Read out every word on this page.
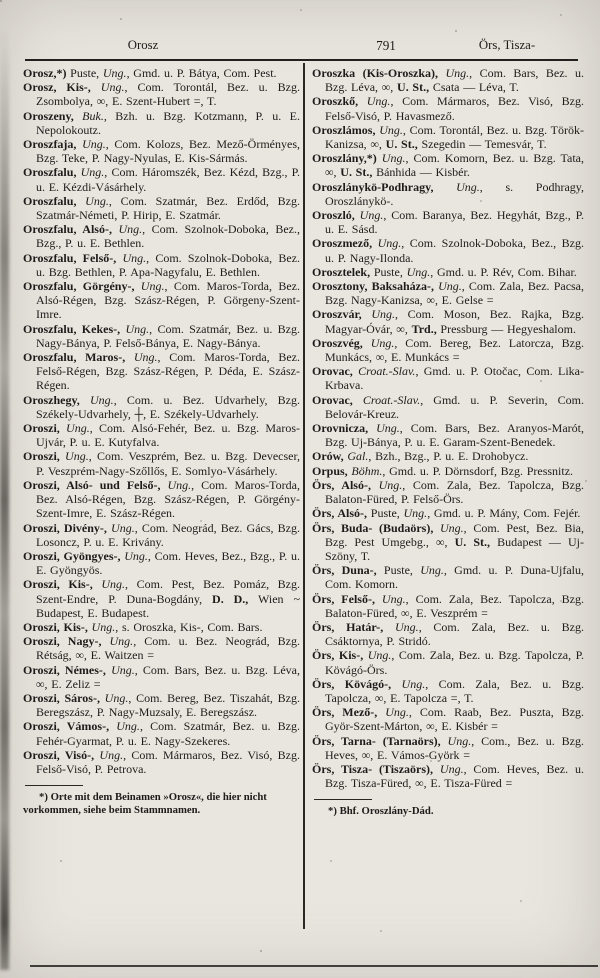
Orosz	791	Örs, Tisza-

Orosz,*) Puste, Ung., Gmd. u. P. Bátya, Com. Pest.

Orosz, Kis-, Ung., Com. Torontál, Bez. u. Bzg. Zsombolya, ∞, E. Szent-Hubert =, T.

Oroszeny, Buk., Bzh. u. Bzg. Kotzmann, P. u. E. Nepolokoutz.

Oroszfaja, Ung., Com. Kolozs, Bez. Mező-Örményes, Bzg. Teke, P. Nagy-Nyulas, E. Kis-Sármás.

Oroszfalu, Ung., Com. Háromszék, Bez. Kézd, Bzg., P. u. E. Kézdi-Vásárhely.

Oroszfalu, Ung., Com. Szatmár, Bez. Erdőd, Bzg. Szatmár-Németi, P. Hirip, E. Szatmár.

Oroszfalu, Alsó-, Ung., Com. Szolnok-Doboka, Bez., Bzg., P. u. E. Bethlen.

Oroszfalu, Felső-, Ung., Com. Szolnok-Doboka, Bez. u. Bzg. Bethlen, P. Apa-Nagyfalu, E. Bethlen.

Oroszfalu, Görgény-, Ung., Com. Maros-Torda, Bez. Alsó-Régen, Bzg. Szász-Régen, P. Görgeny-Szent-Imre.

Oroszfalu, Kekes-, Ung., Com. Szatmár, Bez. u. Bzg. Nagy-Bánya, P. Felső-Bánya, E. Nagy-Bánya.

Oroszfalu, Maros-, Ung., Com. Maros-Torda, Bez. Felső-Régen, Bzg. Szász-Régen, P. Déda, E. Szász-Régen.

Oroszhegy, Ung., Com. u. Bez. Udvarhely, Bzg. Székely-Udvarhely, ┼, E. Székely-Udvarhely.

Oroszi, Ung., Com. Alsó-Fehér, Bez. u. Bzg. Maros-Ujvár, P. u. E. Kutyfalva.

Oroszi, Ung., Com. Veszprém, Bez. u. Bzg. Devecser, P. Veszprém-Nagy-Szőllős, E. Somlyo-Vásárhely.

Oroszi, Alsó- und Felső-, Ung., Com. Maros-Torda, Bez. Alsó-Régen, Bzg. Szász-Régen, P. Görgény-Szent-Imre, E. Szász-Régen.

Oroszi, Divény-, Ung., Com. Neográd, Bez. Gács, Bzg. Losoncz, P. u. E. Krivány.

Oroszi, Gyöngyes-, Ung., Com. Heves, Bez., Bzg., P. u. E. Gyöngyös.

Oroszi, Kis-, Ung., Com. Pest, Bez. Pomáz, Bzg. Szent-Endre, P. Duna-Bogdány, D. D., Wien ~ Budapest, E. Budapest.

Oroszi, Kis-, Ung., s. Oroszka, Kis-, Com. Bars.

Oroszi, Nagy-, Ung., Com. u. Bez. Neográd, Bzg. Rétság, ∞, E. Waitzen =

Oroszi, Némes-, Ung., Com. Bars, Bez. u. Bzg. Léva, ∞, E. Zeliz =

Oroszi, Sáros-, Ung., Com. Bereg, Bez. Tiszahát, Bzg. Beregszász, P. Nagy-Muzsaly, E. Beregszász.

Oroszi, Vámos-, Ung., Com. Szatmár, Bez. u. Bzg. Fehér-Gyarmat, P. u. E. Nagy-Szekeres.

Oroszi, Visó-, Ung., Com. Mármaros, Bez. Visó, Bzg. Felső-Visó, P. Petrova.

*) Orte mit dem Beinamen »Orosz«, die hier nicht vorkommen, siehe beim Stammnamen.

Oroszka (Kis-Oroszka), Ung., Com. Bars, Bez. u. Bzg. Léva, ∞, U. St., Csata — Léva, T.

Oroszkő, Ung., Com. Mármaros, Bez. Visó, Bzg. Felső-Visó, P. Havasmező.

Oroszlámos, Ung., Com. Torontál, Bez. u. Bzg. Török-Kanizsa, ∞, U. St., Szegedin — Temesvár, T.

Oroszlány,*) Ung., Com. Komorn, Bez. u. Bzg. Tata, ∞, U. St., Bánhida — Kisbér.

Oroszlánykö-Podhragy, Ung., s. Podhragy, Oroszlánykö-.

Oroszló, Ung., Com. Baranya, Bez. Hegyhát, Bzg., P. u. E. Sásd.

Oroszmező, Ung., Com. Szolnok-Doboka, Bez., Bzg. u. P. Nagy-Ilonda.

Orosztelek, Puste, Ung., Gmd. u. P. Rév, Com. Bihar.

Orosztony, Baksaháza-, Ung., Com. Zala, Bez. Pacsa, Bzg. Nagy-Kanizsa, ∞, E. Gelse =

Oroszvár, Ung., Com. Moson, Bez. Rajka, Bzg. Magyar-Óvár, ∞, Trd., Pressburg — Hegyeshalom.

Oroszvég, Ung., Com. Bereg, Bez. Latorcza, Bzg. Munkács, ∞, E. Munkács =

Orovac, Croat.-Slav., Gmd. u. P. Otočac, Com. Lika-Krbava.

Orovac, Croat.-Slav., Gmd. u. P. Severin, Com. Belovár-Kreuz.

Orovnicza, Ung., Com. Bars, Bez. Aranyos-Marót, Bzg. Uj-Bánya, P. u. E. Garam-Szent-Benedek.

Orów, Gal., Bzh., Bzg., P. u. E. Drohobycz.

Orpus, Böhm., Gmd. u. P. Dörnsdorf, Bzg. Pressnitz.

Örs, Alsó-, Ung., Com. Zala, Bez. Tapolcza, Bzg. Balaton-Füred, P. Felső-Örs.

Örs, Alsó-, Puste, Ung., Gmd. u. P. Mány, Com. Fejér.

Örs, Buda- (Budaörs), Ung., Com. Pest, Bez. Bia, Bzg. Pest Umgebg., ∞, U. St., Budapest — Uj-Szöny, T.

Örs, Duna-, Puste, Ung., Gmd. u. P. Duna-Ujfalu, Com. Komorn.

Örs, Felső-, Ung., Com. Zala, Bez. Tapolcza, Bzg. Balaton-Füred, ∞, E. Veszprém =

Örs, Határ-, Ung., Com. Zala, Bez. u. Bzg. Csáktornya, P. Stridó.

Örs, Kis-, Ung., Com. Zala, Bez. u. Bzg. Tapolcza, P. Kövágó-Örs.

Örs, Kövágó-, Ung., Com. Zala, Bez. u. Bzg. Tapolcza, ∞, E. Tapolcza =, T.

Örs, Mező-, Ung., Com. Raab, Bez. Puszta, Bzg. Györ-Szent-Márton, ∞, E. Kisbér =

Örs, Tarna- (Tarnaörs), Ung., Com., Bez. u. Bzg. Heves, ∞, E. Vámos-Györk =

Örs, Tisza- (Tiszaörs), Ung., Com. Heves, Bez. u. Bzg. Tisza-Füred, ∞, E. Tisza-Füred =

*) Bhf. Oroszlány-Dád.
